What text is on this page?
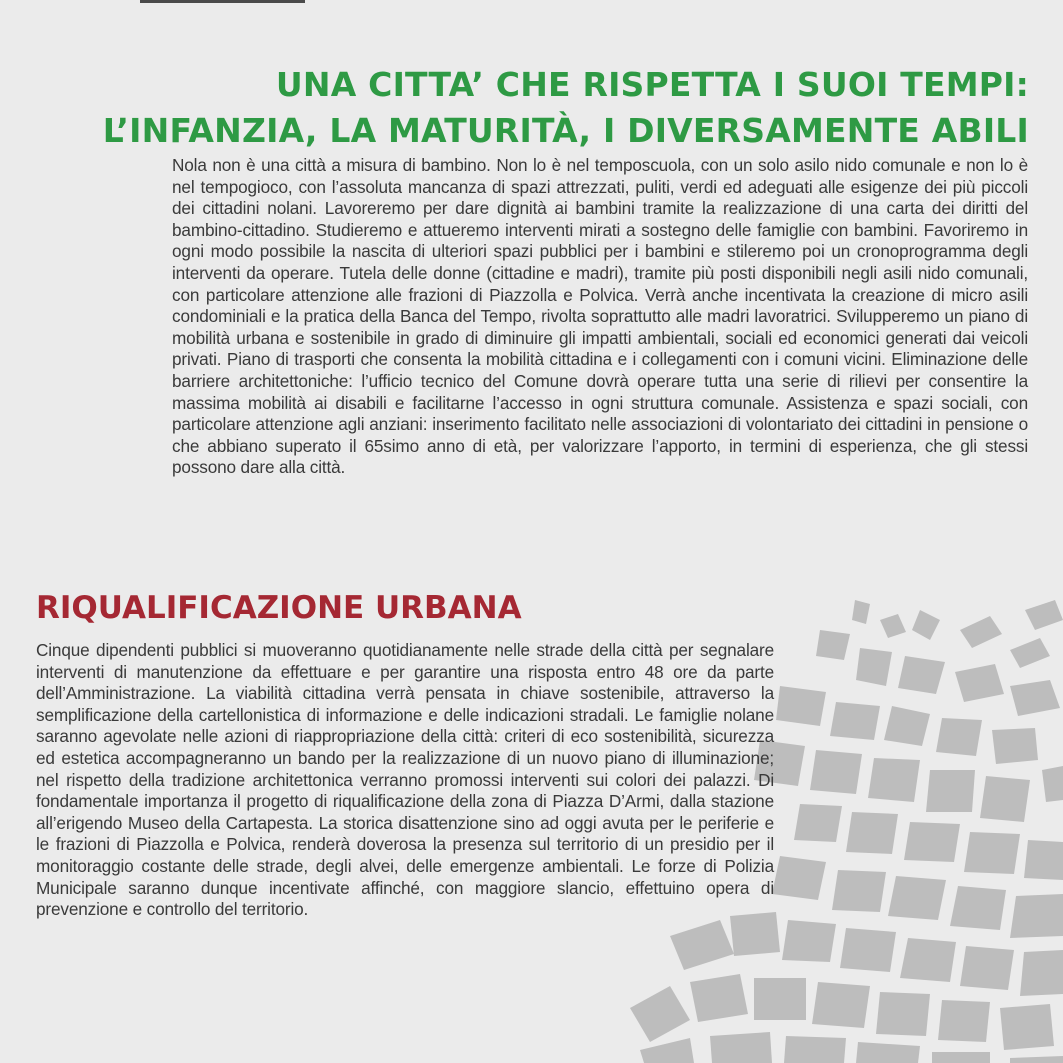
UNA CITTA’ CHE RISPETTA I SUOI TEMPI:
L’INFANZIA, LA MATURITÀ, I DIVERSAMENTE ABILI

Nola non è una città a misura di bambino. Non lo è nel temposcuola, con un solo asilo nido comunale e non lo è nel tempogioco, con l’assoluta mancanza di spazi attrezzati, puliti, verdi ed adeguati alle esigenze dei più piccoli dei cittadini nolani. Lavoreremo per dare dignità ai bambini tramite la realizzazione di una carta dei diritti del bambino-cittadino. Studieremo e attueremo interventi mirati a sostegno delle famiglie con bambini. Favoriremo in ogni modo possibile la nascita di ulteriori spazi pubblici per i bambini e stileremo poi un cronoprogramma degli interventi da operare. Tutela delle donne (cittadine e madri), tramite più posti disponibili negli asili nido comunali, con particolare attenzione alle frazioni di Piazzolla e Polvica. Verrà anche incentivata la creazione di micro asili condominiali e la pratica della Banca del Tempo, rivolta soprattutto alle madri lavoratrici. Svilupperemo un piano di mobilità urbana e sostenibile in grado di diminuire gli impatti ambientali, sociali ed economici generati dai veicoli privati. Piano di trasporti che consenta la mobilità cittadina e i collegamenti con i comuni vicini. Eliminazione delle barriere architettoniche: l’ufficio tecnico del Comune dovrà operare tutta una serie di rilievi per consentire la massima mobilità ai disabili e facilitarne l’accesso in ogni struttura comunale. Assistenza e spazi sociali, con particolare attenzione agli anziani: inserimento facilitato nelle associazioni di volontariato dei cittadini in pensione o che abbiano superato il 65simo anno di età, per valorizzare l’apporto, in termini di esperienza, che gli stessi possono dare alla città.

RIQUALIFICAZIONE URBANA

Cinque dipendenti pubblici si muoveranno quotidianamente nelle strade della città per segnalare interventi di manutenzione da effettuare e per garantire una risposta entro 48 ore da parte dell’Amministrazione. La viabilità cittadina verrà pensata in chiave sostenibile, attraverso la semplificazione della cartellonistica di informazione e delle indicazioni stradali. Le famiglie nolane saranno agevolate nelle azioni di riappropriazione della città: criteri di eco sostenibilità, sicurezza ed estetica accompagneranno un bando per la realizzazione di un nuovo piano di illuminazione; nel rispetto della tradizione architettonica verranno promossi interventi sui colori dei palazzi. Di fondamentale importanza il progetto di riqualificazione della zona di Piazza D’Armi, dalla stazione all’erigendo Museo della Cartapesta. La storica disattenzione sino ad oggi avuta per le periferie e le frazioni di Piazzolla e Polvica, renderà doverosa la presenza sul territorio di un presidio per il monitoraggio costante delle strade, degli alvei, delle emergenze ambientali. Le forze di Polizia Municipale saranno dunque incentivate affinché, con maggiore slancio, effettuino opera di prevenzione e controllo del territorio.
